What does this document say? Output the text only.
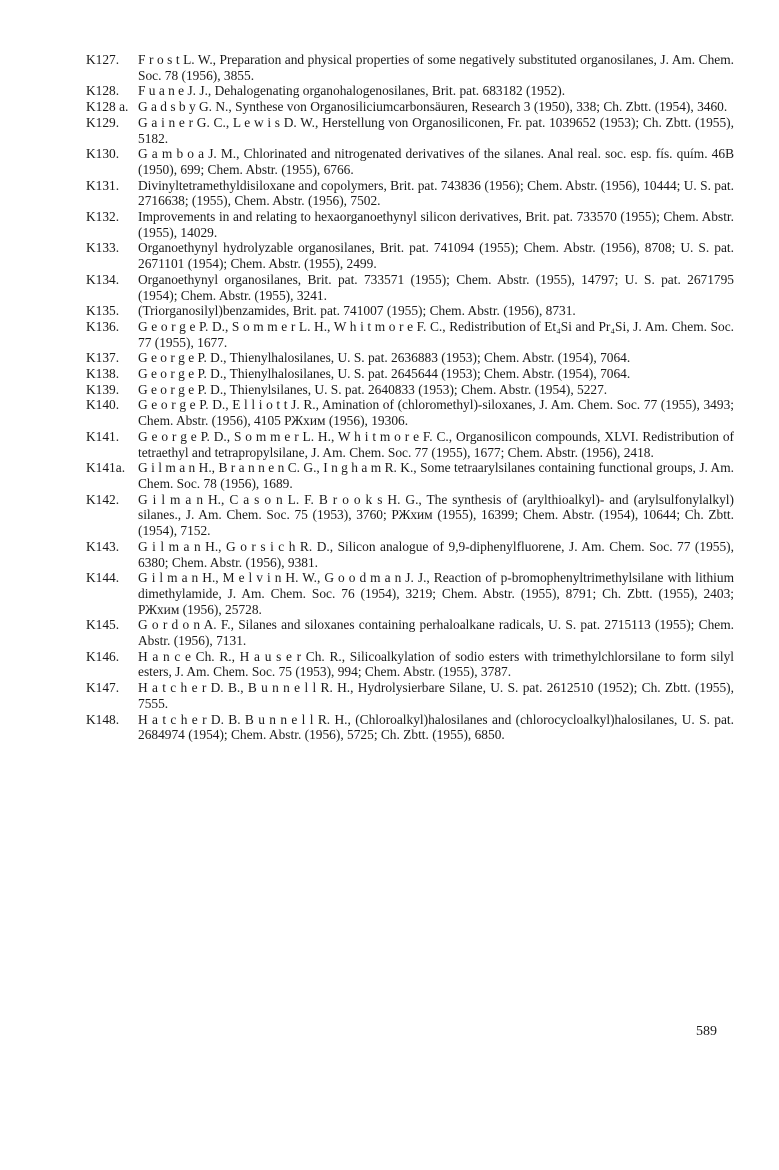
K127. F r o s t L. W., Preparation and physical properties of some negatively substituted organosilanes, J. Am. Chem. Soc. 78 (1956), 3855.

K128. F u a n e J. J., Dehalogenating organohalogenosilanes, Brit. pat. 683182 (1952).

K128 a. G a d s b y G. N., Synthese von Organosiliciumcarbonsäuren, Research 3 (1950), 338; Ch. Zbtt. (1954), 3460.

K129. G a i n e r G. C., L e w i s D. W., Herstellung von Organosiliconen, Fr. pat. 1039652 (1953); Ch. Zbtt. (1955), 5182.

K130. G a m b o a J. M., Chlorinated and nitrogenated derivatives of the silanes. Anal real. soc. esp. fís. quím. 46B (1950), 699; Chem. Abstr. (1955), 6766.

K131. Divinyltetramethyldisiloxane and copolymers, Brit. pat. 743836 (1956); Chem. Abstr. (1956), 10444; U. S. pat. 2716638; (1955), Chem. Abstr. (1956), 7502.

K132. Improvements in and relating to hexaorganoethynyl silicon derivatives, Brit. pat. 733570 (1955); Chem. Abstr. (1955), 14029.

K133. Organoethynyl hydrolyzable organosilanes, Brit. pat. 741094 (1955); Chem. Abstr. (1956), 8708; U. S. pat. 2671101 (1954); Chem. Abstr. (1955), 2499.

K134. Organoethynyl organosilanes, Brit. pat. 733571 (1955); Chem. Abstr. (1955), 14797; U. S. pat. 2671795 (1954); Chem. Abstr. (1955), 3241.

K135. (Triorganosilyl)benzamides, Brit. pat. 741007 (1955); Chem. Abstr. (1956), 8731.

K136. G e o r g e P. D., S o m m e r L. H., W h i t m o r e F. C., Redistribution of Et₄Si and Pr₄Si, J. Am. Chem. Soc. 77 (1955), 1677.

K137. G e o r g e P. D., Thienylhalosilanes, U. S. pat. 2636883 (1953); Chem. Abstr. (1954), 7064.

K138. G e o r g e P. D., Thienylhalosilanes, U. S. pat. 2645644 (1953); Chem. Abstr. (1954), 7064.

K139. G e o r g e P. D., Thienylsilanes, U. S. pat. 2640833 (1953); Chem. Abstr. (1954), 5227.

K140. G e o r g e P. D., E l l i o t t J. R., Amination of (chloromethyl)-siloxanes, J. Am. Chem. Soc. 77 (1955), 3493; Chem. Abstr. (1956), 4105 РЖхим (1956), 19306.

K141. G e o r g e P. D., S o m m e r L. H., W h i t m o r e F. C., Organosilicon compounds, XLVI. Redistribution of tetraethyl and tetrapropylsilane, J. Am. Chem. Soc. 77 (1955), 1677; Chem. Abstr. (1956), 2418.

K141a. G i l m a n H., B r a n n e n C. G., I n g h a m R. K., Some tetraarylsilanes containing functional groups, J. Am. Chem. Soc. 78 (1956), 1689.

K142. G i l m a n H., C a s o n L. F. B r o o k s H. G., The synthesis of (arylthioalkyl)- and (arylsulfonylalkyl) silanes., J. Am. Chem. Soc. 75 (1953), 3760; РЖхим (1955), 16399; Chem. Abstr. (1954), 10644; Ch. Zbtt. (1954), 7152.

K143. G i l m a n H., G o r s i c h R. D., Silicon analogue of 9,9-diphenylfluorene, J. Am. Chem. Soc. 77 (1955), 6380; Chem. Abstr. (1956), 9381.

K144. G i l m a n H., M e l v i n H. W., G o o d m a n J. J., Reaction of p-bromophenyltrimethylsilane with lithium dimethylamide, J. Am. Chem. Soc. 76 (1954), 3219; Chem. Abstr. (1955), 8791; Ch. Zbtt. (1955), 2403; РЖхим (1956), 25728.

K145. G o r d o n A. F., Silanes and siloxanes containing perhaloalkane radicals, U. S. pat. 2715113 (1955); Chem. Abstr. (1956), 7131.

K146. H a n c e Ch. R., H a u s e r Ch. R., Silicoalkylation of sodio esters with trimethylchlorsilane to form silyl esters, J. Am. Chem. Soc. 75 (1953), 994; Chem. Abstr. (1955), 3787.

K147. H a t c h e r D. B., B u n n e l l R. H., Hydrolysierbare Silane, U. S. pat. 2612510 (1952); Ch. Zbtt. (1955), 7555.

K148. H a t c h e r D. B. B u n n e l l R. H., (Chloroalkyl)halosilanes and (chlorocycloalkyl)halosilanes, U. S. pat. 2684974 (1954); Chem. Abstr. (1956), 5725; Ch. Zbtt. (1955), 6850.

589
